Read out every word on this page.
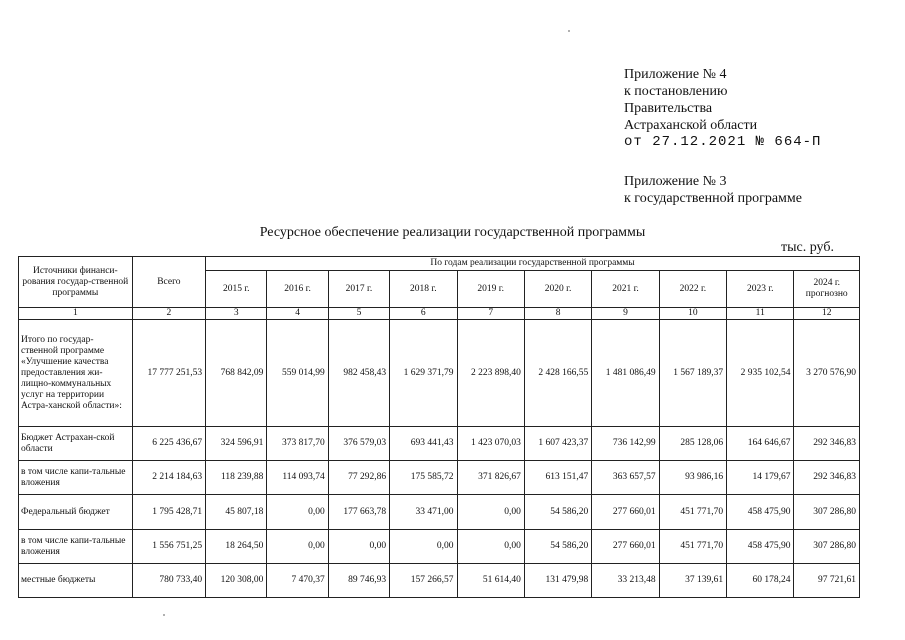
Приложение № 4
к постановлению
Правительства
Астраханской области
от 27.12.2021 № 664-П
Приложение № 3
к государственной программе
Ресурсное обеспечение реализации государственной программы
тыс. руб.
Источники финанси-рования государ-ственной программы	Всего	По годам реализации государственной программы									
		2015 г.	2016 г.	2017 г.	2018 г.	2019 г.	2020 г.	2021 г.	2022 г.	2023 г.	2024 г. прогнозно
1	2	3	4	5	6	7	8	9	10	11	12
Итого по государ-ственной программе «Улучшение качества предоставления жи-лищно-коммунальных услуг на территории Астра-ханской области»:	17 777 251,53	768 842,09	559 014,99	982 458,43	1 629 371,79	2 223 898,40	2 428 166,55	1 481 086,49	1 567 189,37	2 935 102,54	3 270 576,90
Бюджет Астрахан-ской области	6 225 436,67	324 596,91	373 817,70	376 579,03	693 441,43	1 423 070,03	1 607 423,37	736 142,99	285 128,06	164 646,67	292 346,83
в том числе капи-тальные вложения	2 214 184,63	118 239,88	114 093,74	77 292,86	175 585,72	371 826,67	613 151,47	363 657,57	93 986,16	14 179,67	292 346,83
Федеральный бюджет	1 795 428,71	45 807,18	0,00	177 663,78	33 471,00	0,00	54 586,20	277 660,01	451 771,70	458 475,90	307 286,80
в том числе капи-тальные вложения	1 556 751,25	18 264,50	0,00	0,00	0,00	0,00	54 586,20	277 660,01	451 771,70	458 475,90	307 286,80
местные бюджеты	780 733,40	120 308,00	7 470,37	89 746,93	157 266,57	51 614,40	131 479,98	33 213,48	37 139,61	60 178,24	97 721,61
